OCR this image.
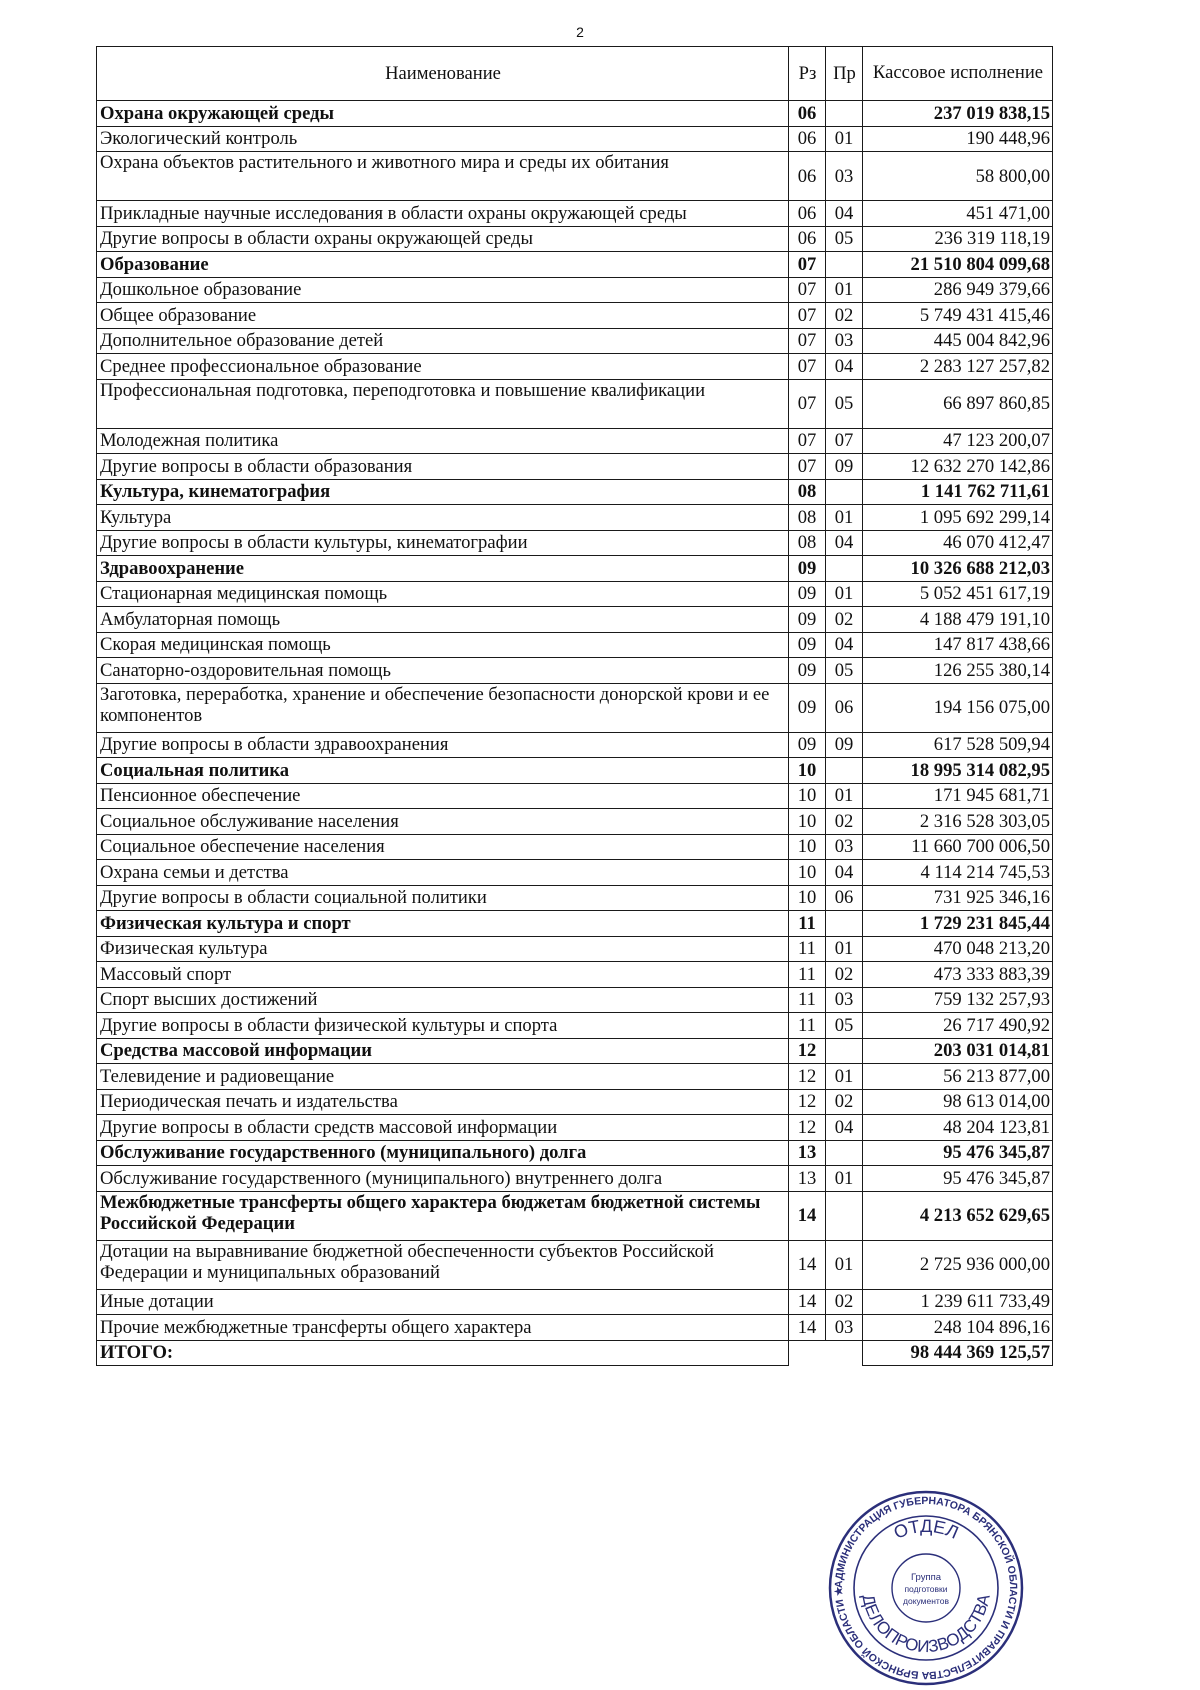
2
Наименование	Рз	Пр	Кассовое исполнение
Охрана окружающей среды	06		237 019 838,15
Экологический контроль	06	01	190 448,96
Охрана объектов растительного и животного мира и среды их обитания	06	03	58 800,00
Прикладные научные исследования в области охраны окружающей среды	06	04	451 471,00
Другие вопросы в области охраны окружающей среды	06	05	236 319 118,19
Образование	07		21 510 804 099,68
Дошкольное образование	07	01	286 949 379,66
Общее образование	07	02	5 749 431 415,46
Дополнительное образование детей	07	03	445 004 842,96
Среднее профессиональное образование	07	04	2 283 127 257,82
Профессиональная подготовка, переподготовка и повышение квалификации	07	05	66 897 860,85
Молодежная политика	07	07	47 123 200,07
Другие вопросы в области образования	07	09	12 632 270 142,86
Культура, кинематография	08		1 141 762 711,61
Культура	08	01	1 095 692 299,14
Другие вопросы в области культуры, кинематографии	08	04	46 070 412,47
Здравоохранение	09		10 326 688 212,03
Стационарная медицинская помощь	09	01	5 052 451 617,19
Амбулаторная помощь	09	02	4 188 479 191,10
Скорая медицинская помощь	09	04	147 817 438,66
Санаторно-оздоровительная помощь	09	05	126 255 380,14
Заготовка, переработка, хранение и обеспечение безопасности донорской крови и ее компонентов	09	06	194 156 075,00
Другие вопросы в области здравоохранения	09	09	617 528 509,94
Социальная политика	10		18 995 314 082,95
Пенсионное обеспечение	10	01	171 945 681,71
Социальное обслуживание населения	10	02	2 316 528 303,05
Социальное обеспечение населения	10	03	11 660 700 006,50
Охрана семьи и детства	10	04	4 114 214 745,53
Другие вопросы в области социальной политики	10	06	731 925 346,16
Физическая культура и спорт	11		1 729 231 845,44
Физическая культура	11	01	470 048 213,20
Массовый спорт	11	02	473 333 883,39
Спорт высших достижений	11	03	759 132 257,93
Другие вопросы в области физической культуры и спорта	11	05	26 717 490,92
Средства массовой информации	12		203 031 014,81
Телевидение и радиовещание	12	01	56 213 877,00
Периодическая печать и издательства	12	02	98 613 014,00
Другие вопросы в области средств массовой информации	12	04	48 204 123,81
Обслуживание государственного (муниципального) долга	13		95 476 345,87
Обслуживание государственного (муниципального) внутреннего долга	13	01	95 476 345,87
Межбюджетные трансферты общего характера бюджетам бюджетной системы Российской Федерации	14		4 213 652 629,65
Дотации на выравнивание бюджетной обеспеченности субъектов Российской Федерации и муниципальных образований	14	01	2 725 936 000,00
Иные дотации	14	02	1 239 611 733,49
Прочие межбюджетные трансферты общего характера	14	03	248 104 896,16
ИТОГО:			98 444 369 125,57
АДМИНИСТРАЦИЯ ГУБЕРНАТОРА БРЯНСКОЙ ОБЛАСТИ И ПРАВИТЕЛЬСТВА БРЯНСКОЙ ОБЛАСТИ ★
ОТДЕЛ
ДЕЛОПРОИЗВОДСТВА
Группа
подготовки
документов
